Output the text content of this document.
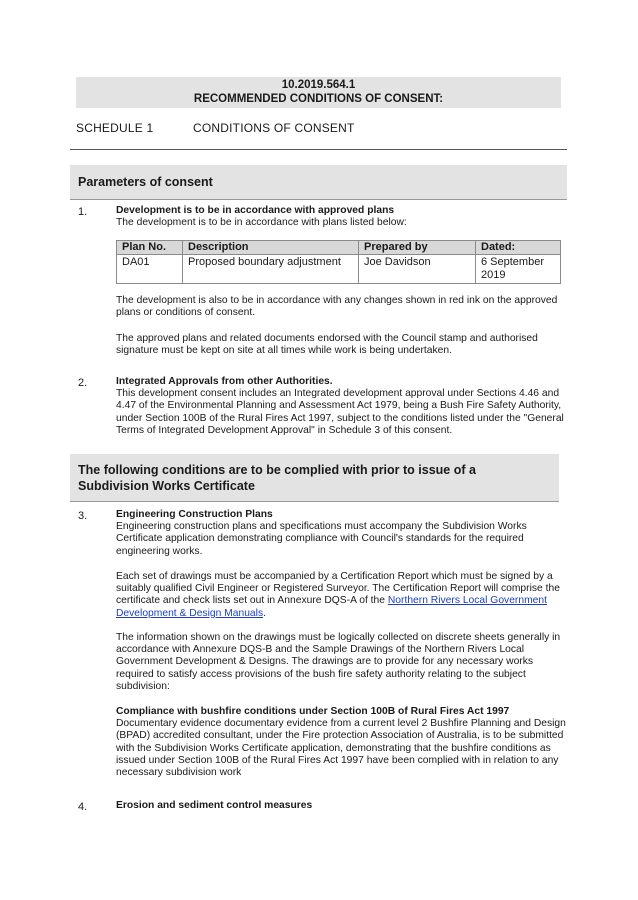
10.2019.564.1
RECOMMENDED CONDITIONS OF CONSENT:
SCHEDULE 1	CONDITIONS OF CONSENT
Parameters of consent
1.	Development is to be in accordance with approved plans

The development is to be in accordance with plans listed below:

Plan No.	Description	Prepared by	Dated:
DA01	Proposed boundary adjustment	Joe Davidson	6 September 2019

The development is also to be in accordance with any changes shown in red ink on the approved plans or conditions of consent.

The approved plans and related documents endorsed with the Council stamp and authorised signature must be kept on site at all times while work is being undertaken.

2.	Integrated Approvals from other Authorities.

This development consent includes an Integrated development approval under Sections 4.46 and 4.47 of the Environmental Planning and Assessment Act 1979, being a Bush Fire Safety Authority, under Section 100B of the Rural Fires Act 1997, subject to the conditions listed under the "General Terms of Integrated Development Approval" in Schedule 3 of this consent.

The following conditions are to be complied with prior to issue of a
Subdivision Works Certificate
3.	Engineering Construction Plans

Engineering construction plans and specifications must accompany the Subdivision Works Certificate application demonstrating compliance with Council's standards for the required engineering works.

Each set of drawings must be accompanied by a Certification Report which must be signed by a suitably qualified Civil Engineer or Registered Surveyor. The Certification Report will comprise the certificate and check lists set out in Annexure DQS-A of the Northern Rivers Local Government Development & Design Manuals.

The information shown on the drawings must be logically collected on discrete sheets generally in accordance with Annexure DQS-B and the Sample Drawings of the Northern Rivers Local Government Development & Designs. The drawings are to provide for any necessary works required to satisfy access provisions of the bush fire safety authority relating to the subject subdivision:

Compliance with bushfire conditions under Section 100B of Rural Fires Act 1997

Documentary evidence documentary evidence from a current level 2 Bushfire Planning and Design (BPAD) accredited consultant, under the Fire protection Association of Australia, is to be submitted with the Subdivision Works Certificate application, demonstrating that the bushfire conditions as issued under Section 100B of the Rural Fires Act 1997 have been complied with in relation to any necessary subdivision work

4.	Erosion and sediment control measures
